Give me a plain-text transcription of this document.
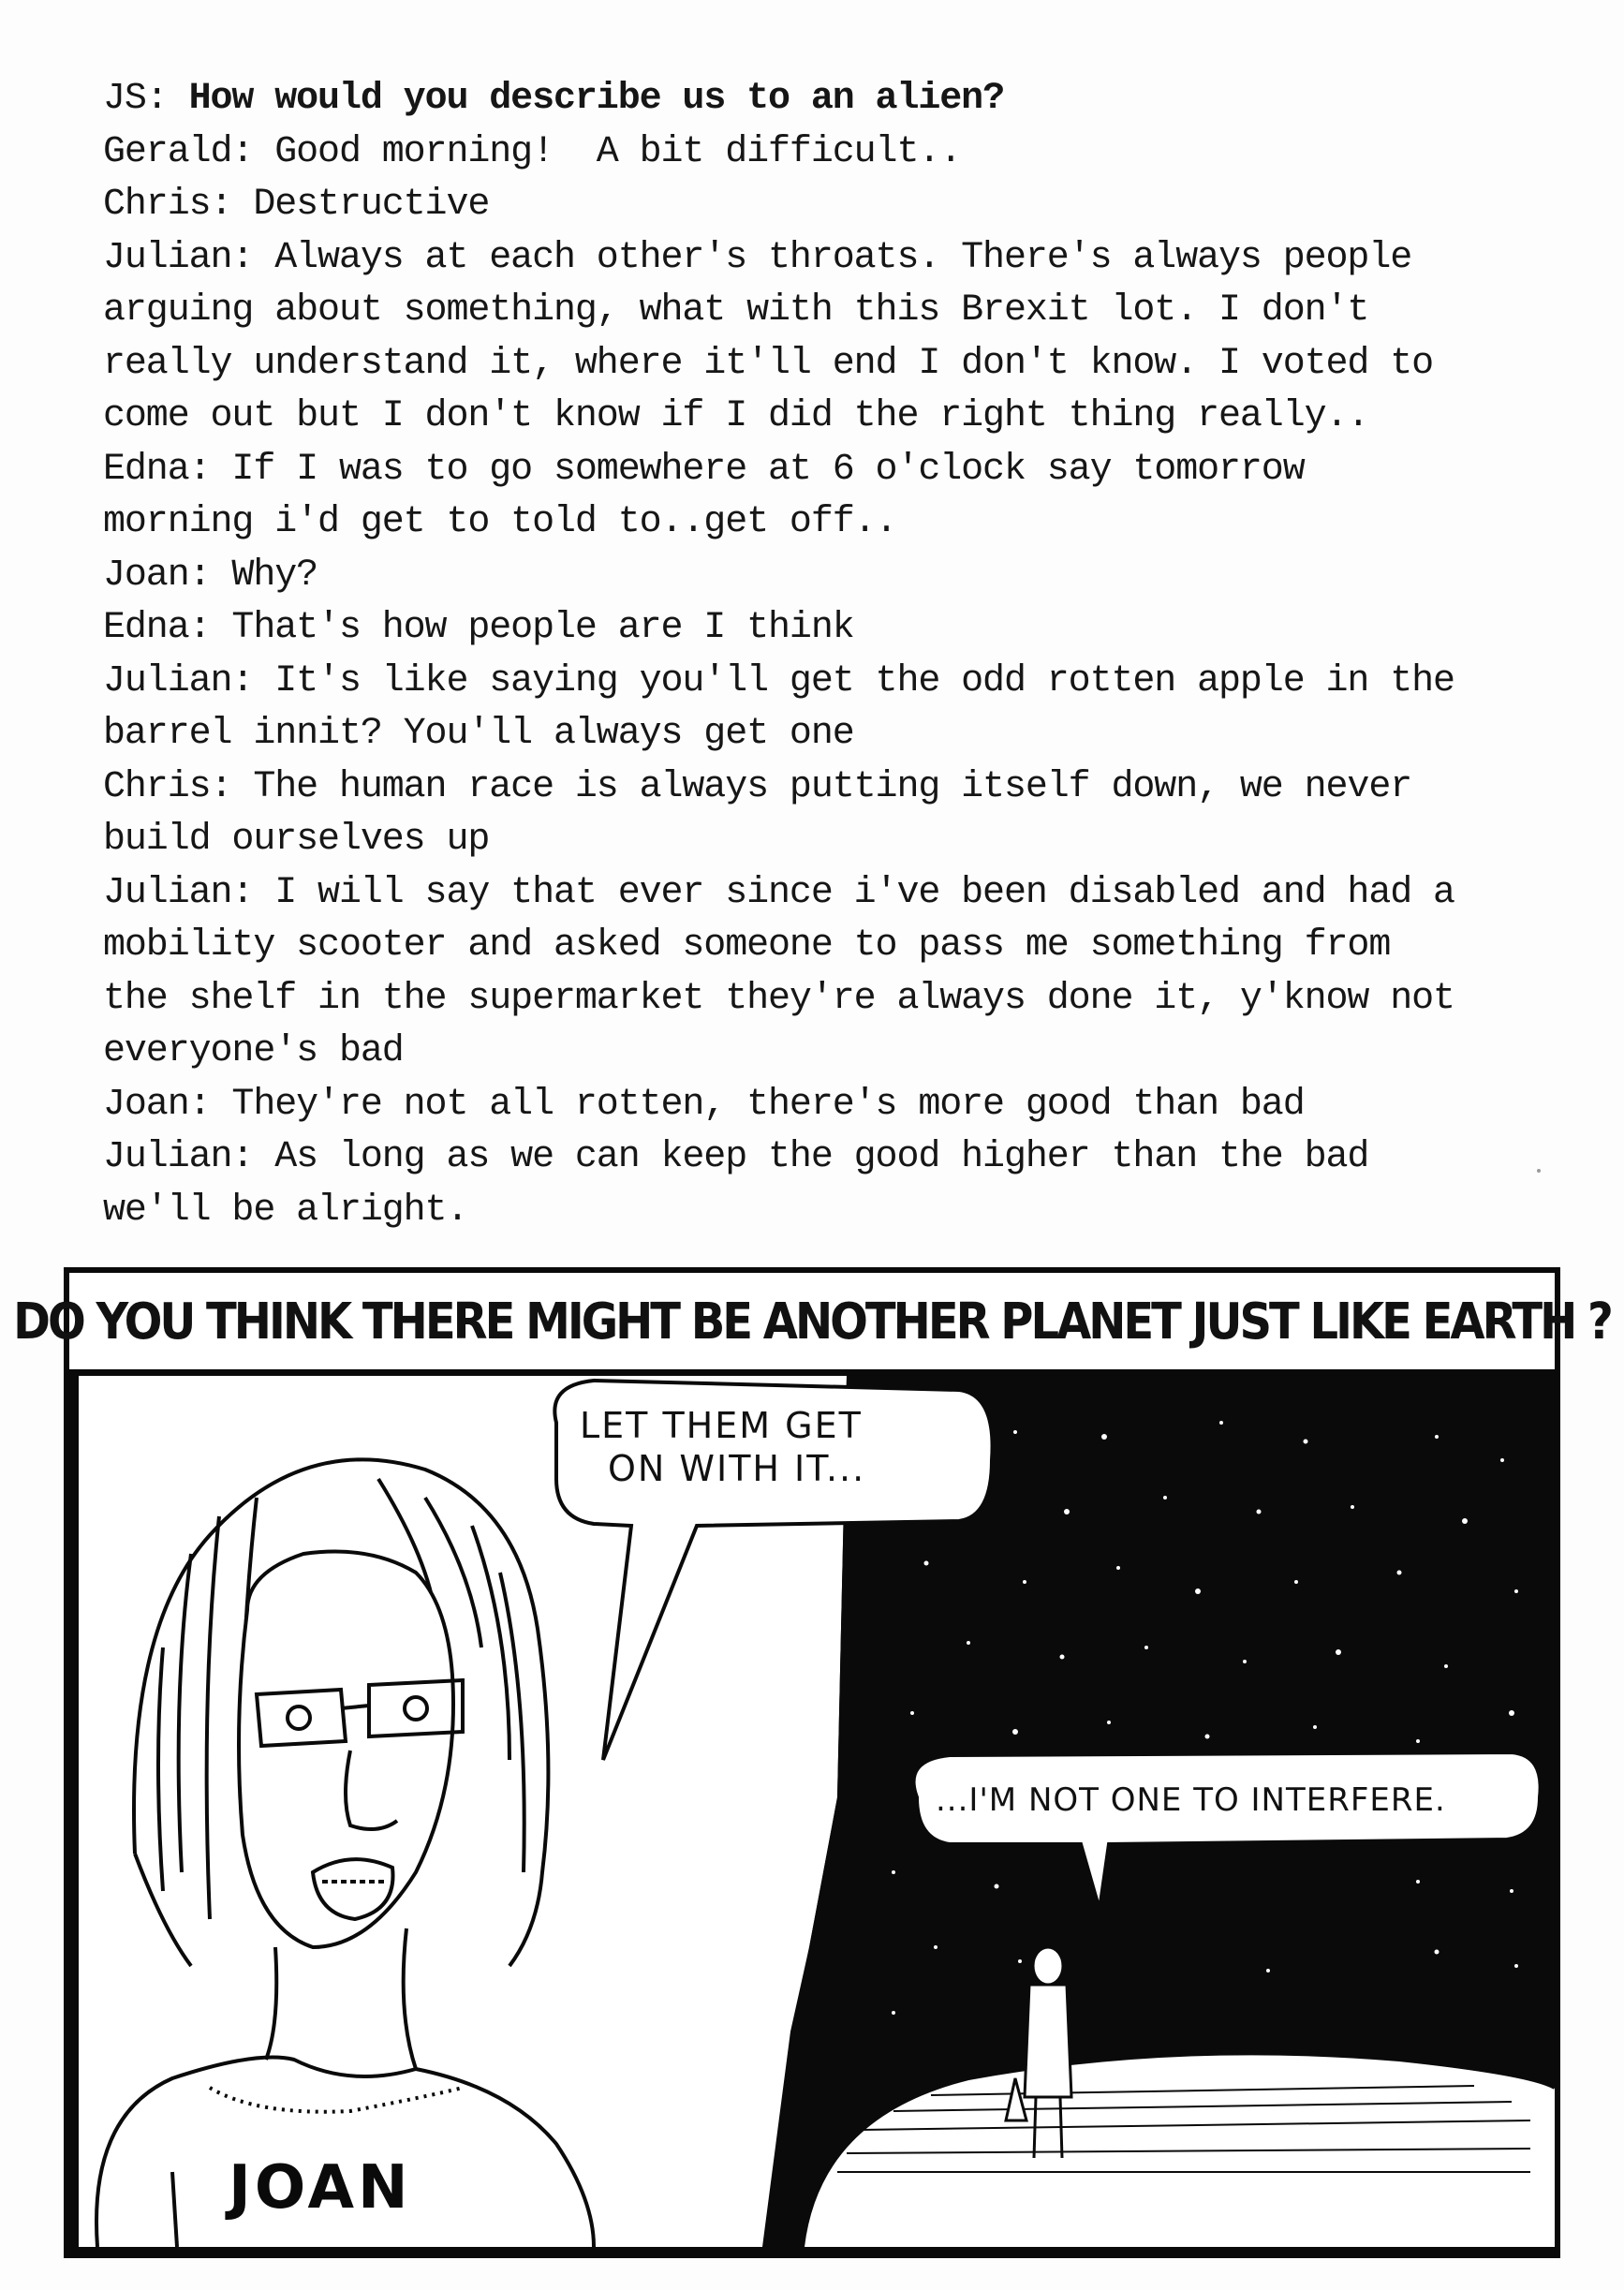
JS: How would you describe us to an alien?

Gerald: Good morning!  A bit difficult..

Chris: Destructive

Julian: Always at each other's throats. There's always people

arguing about something, what with this Brexit lot. I don't

really understand it, where it'll end I don't know. I voted to

come out but I don't know if I did the right thing really..

Edna: If I was to go somewhere at 6 o'clock say tomorrow

morning i'd get to told to..get off..

Joan: Why?

Edna: That's how people are I think

Julian: It's like saying you'll get the odd rotten apple in the

barrel innit? You'll always get one

Chris: The human race is always putting itself down, we never

build ourselves up

Julian: I will say that ever since i've been disabled and had a

mobility scooter and asked someone to pass me something from

the shelf in the supermarket they're always done it, y'know not

everyone's bad

Joan: They're not all rotten, there's more good than bad

Julian: As long as we can keep the good higher than the bad

we'll be alright.

DO YOU THINK THERE MIGHT BE ANOTHER PLANET JUST LIKE EARTH ?
LET THEM GET
ON WITH IT...
...I'M NOT ONE TO INTERFERE.
JOAN
